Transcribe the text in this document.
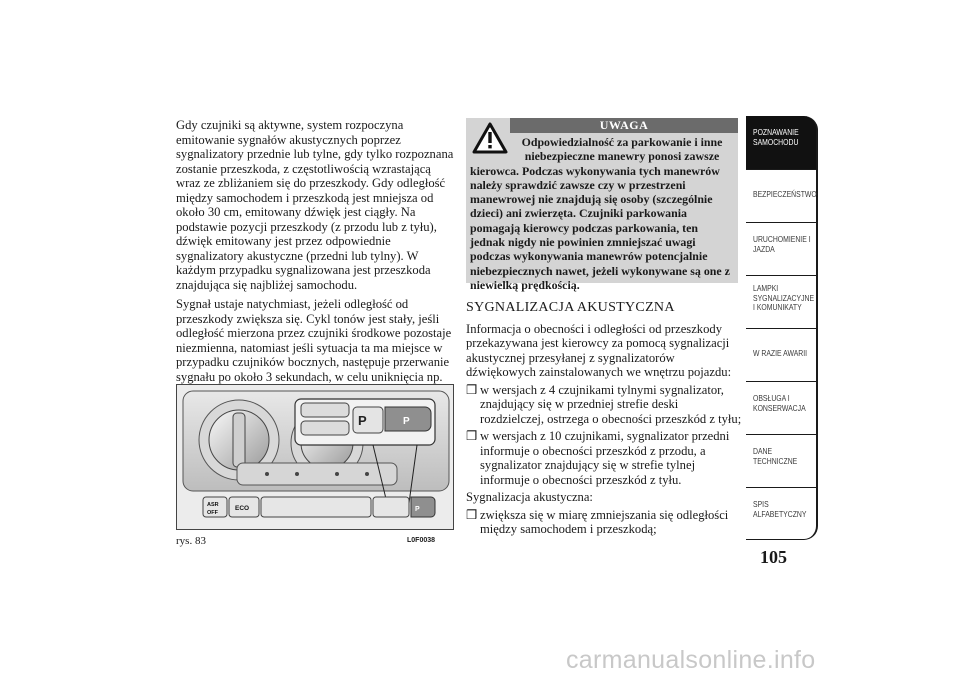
Gdy czujniki są aktywne, system rozpoczyna emitowanie sygnałów akustycznych poprzez sygnalizatory przednie lub tylne, gdy tylko rozpoznana zostanie przeszkoda, z częstotliwością wzrastającą wraz ze zbliżaniem się do przeszkody. Gdy odległość między samochodem i przeszkodą jest mniejsza od około 30 cm, emitowany dźwięk jest ciągły. Na podstawie pozycji przeszkody (z przodu lub z tyłu), dźwięk emitowany jest przez odpowiednie sygnalizatory akustyczne (przedni lub tylny). W każdym przypadku sygnalizowana jest przeszkoda znajdująca się najbliżej samochodu.

Sygnał ustaje natychmiast, jeżeli odległość od przeszkody zwiększa się. Cykl tonów jest stały, jeśli odległość mierzona przez czujniki środkowe pozostaje niezmienna, natomiast jeśli sytuacja ta ma miejsce w przypadku czujników bocznych, następuje przerwanie sygnału po około 3 sekundach, w celu uniknięcia np.

UWAGA
Odpowiedzialność za parkowanie i inne niebezpieczne manewry ponosi zawsze
kierowca. Podczas wykonywania tych manewrów należy sprawdzić zawsze czy w przestrzeni manewrowej nie znajdują się osoby (szczególnie dzieci) ani zwierzęta. Czujniki parkowania pomagają kierowcy podczas parkowania, ten jednak nigdy nie powinien zmniejszać uwagi podczas wykonywania manewrów potencjalnie niebezpiecznych nawet, jeżeli wykonywane są one z niewielką prędkością.
SYGNALIZACJA AKUSTYCZNA

Informacja o obecności i odległości od przeszkody przekazywana jest kierowcy za pomocą sygnalizacji akustycznej przesyłanej z sygnalizatorów dźwiękowych zainstalowanych we wnętrzu pojazdu:

❒ w wersjach z 4 czujnikami tylnymi sygnalizator, znajdujący się w przedniej strefie deski rozdzielczej, ostrzega o obecności przeszkód z tyłu;
❒ w wersjach z 10 czujnikami, sygnalizator przedni informuje o obecności przeszkód z przodu, a sygnalizator znajdujący się w strefie tylnej informuje o obecności przeszkód z tyłu.

Sygnalizacja akustyczna:

❒ zwiększa się w miarę zmniejszania się odległości między samochodem i przeszkodą;
P
P
ASR
OFF
ECO	P
rys. 83	L0F0038
POZNAWANIE
SAMOCHODU
BEZPIECZEŃSTWO
URUCHOMIENIE I
JAZDA
LAMPKI
SYGNALIZACYJNE
I KOMUNIKATY
W RAZIE AWARII
OBSŁUGA I
KONSERWACJA
DANE
TECHNICZNE
SPIS
ALFABETYCZNY
105
carmanualsonline.info
